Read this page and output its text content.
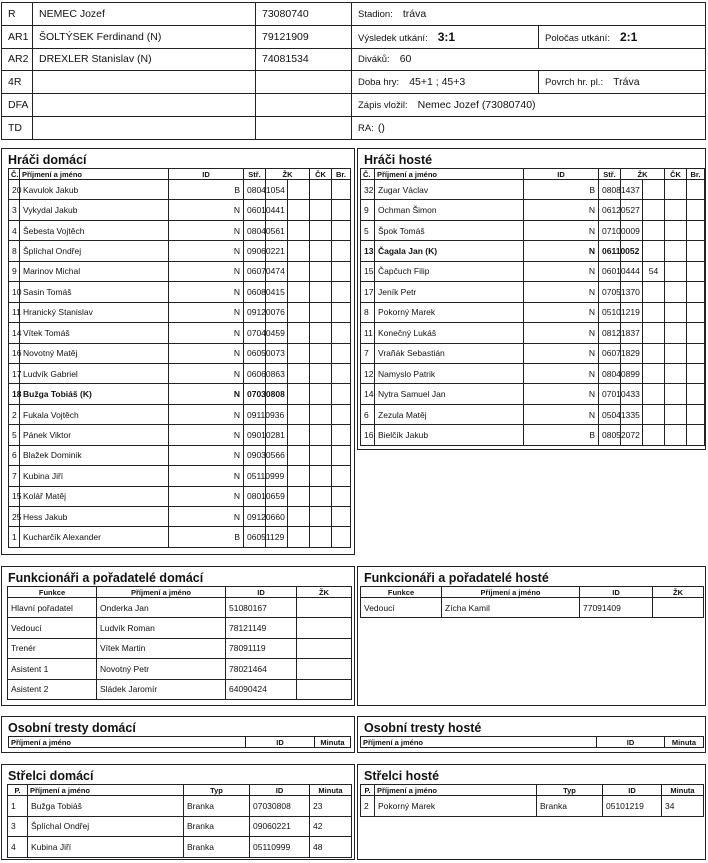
R	NEMEC Jozef	73080740	Stadion: tráva	
AR1	ŠOLTÝSEK Ferdinand (N)	79121909	Výsledek utkání: 3:1	Poločas utkání: 2:1
AR2	DREXLER Stanislav (N)	74081534	Diváků: 60	
4R			Doba hry: 45+1 ; 45+3	Povrch hr. pl.: Tráva
DFA			Zápis vložil: Nemec Jozef (73080740)	
TD			RA: ()	
Hráči domácí
Č.	Příjmení a jméno	ID	Stř.	ŽK		ČK	Br.	
20	Kavulok Jakub	B	08041054					
3	Vykydal Jakub	N	06010441					
4	Šebesta Vojtěch	N	08040561					
8	Šplíchal Ondřej	N	09060221					
9	Marinov Michal	N	06070474					
10	Sasin Tomáš	N	06080415					
11	Hranický Stanislav	N	09120076					
14	Vítek Tomáš	N	07040459					
16	Novotný Matěj	N	06050073					
17	Ludvík Gabriel	N	06060863					
18	Bužga Tobiáš (K)	N	07030808					
2	Fukala Vojtěch	N	09110936					
5	Pánek Viktor	N	09010281					
6	Blažek Dominik	N	09030566					
7	Kubina Jiří	N	05110999					
15	Kolář Matěj	N	08010659					
25	Hess Jakub	N	09120660					
1	Kucharčík Alexander	B	06051129					
Hráči hosté
Č.	Příjmení a jméno	ID	Stř.	ŽK		ČK	Br.	
32	Zugar Václav	B	08081437					
9	Ochman Šimon	N	06120527					
5	Špok Tomáš	N	07100009					
13	Čagala Jan (K)	N	06110052					
15	Čapčuch Filip	N	06010444		54			
17	Jeník Petr	N	07051370					
8	Pokorný Marek	N	05101219					
11	Konečný Lukáš	N	08121837					
7	Vrañák Sebastián	N	06071829					
12	Namyslo Patrik	N	08040899					
14	Nytra Samuel Jan	N	07010433					
6	Zezula Matěj	N	05041335					
16	Bielčík Jakub	B	08052072					
Funkcionáři a pořadatelé domácí
Funkce	Příjmení a jméno	ID	ŽK
Hlavní pořadatel	Onderka Jan	51080167	
Vedoucí	Ludvík Roman	78121149	
Trenér	Vítek Martin	78091119	
Asistent 1	Novotný Petr	78021464	
Asistent 2	Sládek Jaromír	64090424	
Funkcionáři a pořadatelé hosté
Funkce	Příjmení a jméno	ID	ŽK
Vedoucí	Zícha Kamil	77091409	
Osobní tresty domácí
Příjmení a jméno	ID	Minuta
Osobní tresty hosté
Příjmení a jméno	ID	Minuta
Střelci domácí
P.	Příjmení a jméno	Typ	ID	Minuta
1	Bužga Tobiáš	Branka	07030808	23
3	Šplíchal Ondřej	Branka	09060221	42
4	Kubina Jiří	Branka	05110999	48
Střelci hosté
P.	Příjmení a jméno	Typ	ID	Minuta
2	Pokorný Marek	Branka	05101219	34
